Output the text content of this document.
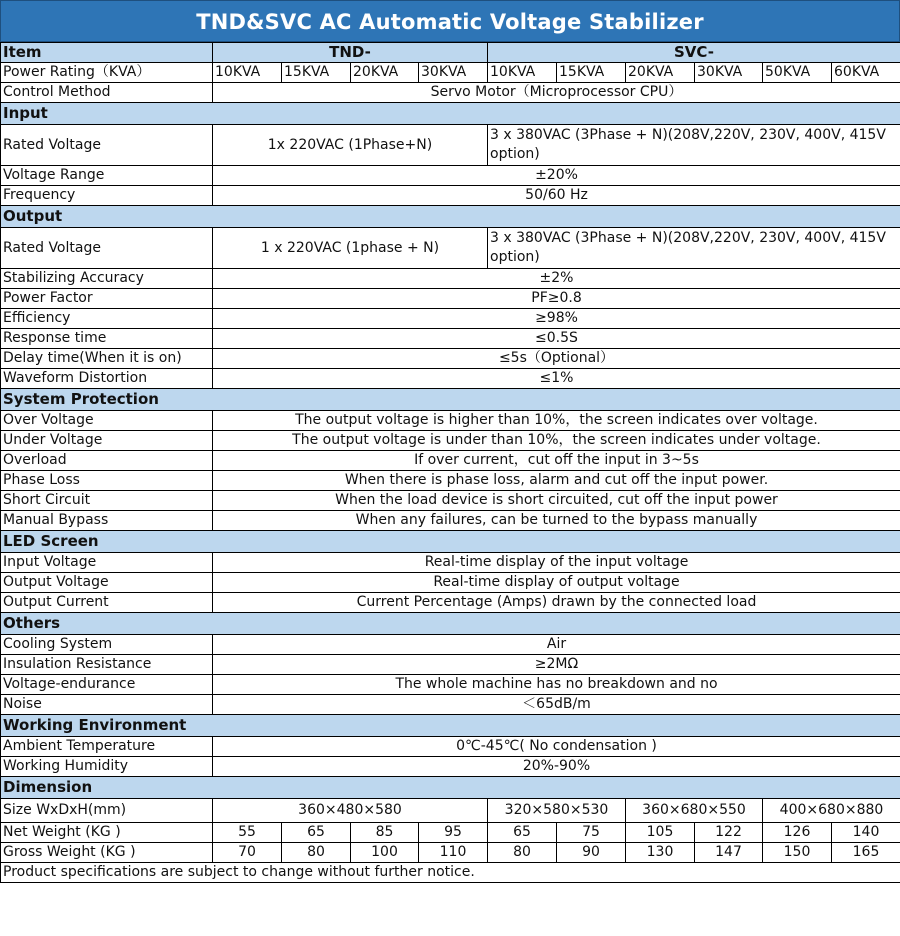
TND&SVC AC Automatic Voltage Stabilizer
Item	TND-				SVC-					
Power Rating（KVA）	10KVA	15KVA	20KVA	30KVA	10KVA	15KVA	20KVA	30KVA	50KVA	60KVA
Control Method	Servo Motor（Microprocessor CPU）									
Input										
Rated Voltage	1x 220VAC (1Phase+N)				3 x 380VAC (3Phase + N)(208V,220V, 230V, 400V, 415V option)					
Voltage Range	±20%									
Frequency	50/60 Hz									
Output										
Rated Voltage	1 x 220VAC (1phase + N)				3 x 380VAC (3Phase + N)(208V,220V, 230V, 400V, 415V option)					
Stabilizing Accuracy	±2%									
Power Factor	PF≥0.8									
Efficiency	≥98%									
Response time	≤0.5S									
Delay time(When it is on)	≤5s（Optional）									
Waveform Distortion	≤1%									
System Protection										
Over Voltage	The output voltage is higher than 10%，the screen indicates over voltage.									
Under Voltage	The output voltage is under than 10%，the screen indicates under voltage.									
Overload	If over current，cut off the input in 3~5s									
Phase Loss	When there is phase loss, alarm and cut off the input power.									
Short Circuit	When the load device is short circuited, cut off the input power									
Manual Bypass	When any failures, can be turned to the bypass manually									
LED Screen										
Input Voltage	Real-time display of the input voltage									
Output Voltage	Real-time display of output voltage									
Output Current	Current Percentage (Amps) drawn by the connected load									
Others										
Cooling System	Air									
Insulation Resistance	≥2MΩ									
Voltage-endurance	The whole machine has no breakdown and no									
Noise	＜65dB/m									
Working Environment										
Ambient Temperature	0℃-45℃( No condensation )									
Working Humidity	20%-90%									
Dimension										
Size WxDxH(mm)	360×480×580				320×580×530		360×680×550		400×680×880	
Net Weight (KG )	55	65	85	95	65	75	105	122	126	140
Gross Weight (KG )	70	80	100	110	80	90	130	147	150	165
Product specifications are subject to change without further notice.										
